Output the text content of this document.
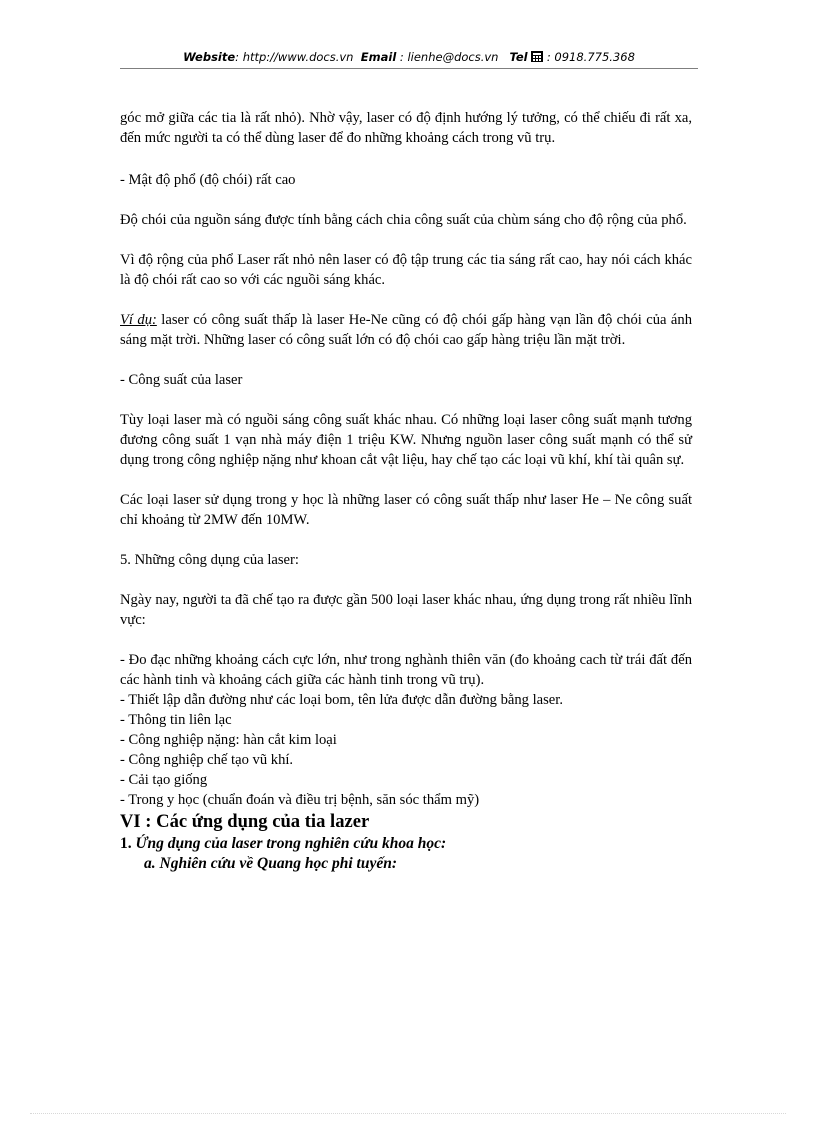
Website: http://www.docs.vn Email : lienhe@docs.vn Tel : 0918.775.368

góc mở giữa các tia là rất nhỏ). Nhờ vậy, laser có độ định hướng lý tưởng, có thể chiếu đi rất xa, đến mức người ta có thể dùng laser để đo những khoảng cách trong vũ trụ.

- Mật độ phổ (độ chói) rất cao

Độ chói của nguồn sáng được tính bằng cách chia công suất của chùm sáng cho độ rộng của phổ.

Vì độ rộng của phổ Laser rất nhỏ nên laser có độ tập trung các tia sáng rất cao, hay nói cách khác là độ chói rất cao so với các nguồi sáng khác.

Ví dụ: laser có công suất thấp là laser He-Ne cũng có độ chói gấp hàng vạn lần độ chói của ánh sáng mặt trời. Những laser có công suất lớn có độ chói cao gấp hàng triệu lần mặt trời.

- Công suất của laser

Tùy loại laser mà có nguồi sáng công suất khác nhau. Có những loại laser công suất mạnh tương đương công suất 1 vạn nhà máy điện 1 triệu KW. Nhưng nguồn laser công suất mạnh có thể sử dụng trong công nghiệp nặng như khoan cắt vật liệu, hay chế tạo các loại vũ khí, khí tài quân sự.

Các loại laser sử dụng trong y học là những laser có công suất thấp như laser He – Ne công suất chỉ khoảng từ 2MW đến 10MW.

5. Những công dụng của laser:

Ngày nay, người ta đã chế tạo ra được gần 500 loại laser khác nhau, ứng dụng trong rất nhiều lĩnh vực:

- Đo đạc những khoảng cách cực lớn, như trong nghành thiên văn (đo khoảng cach từ trái đất đến các hành tinh và khoảng cách giữa các hành tinh trong vũ trụ).

- Thiết lập dẫn đường như các loại bom, tên lửa được dẫn đường bằng laser.

- Thông tin liên lạc

- Công nghiệp nặng: hàn cắt kim loại

- Công nghiệp chế tạo vũ khí.

- Cải tạo giống

- Trong y học (chuẩn đoán và điều trị bệnh, săn sóc thẩm mỹ)

VI : Các ứng dụng của tia lazer

1. Ứng dụng của laser trong nghiên cứu khoa học:

a. Nghiên cứu về Quang học phi tuyến:
